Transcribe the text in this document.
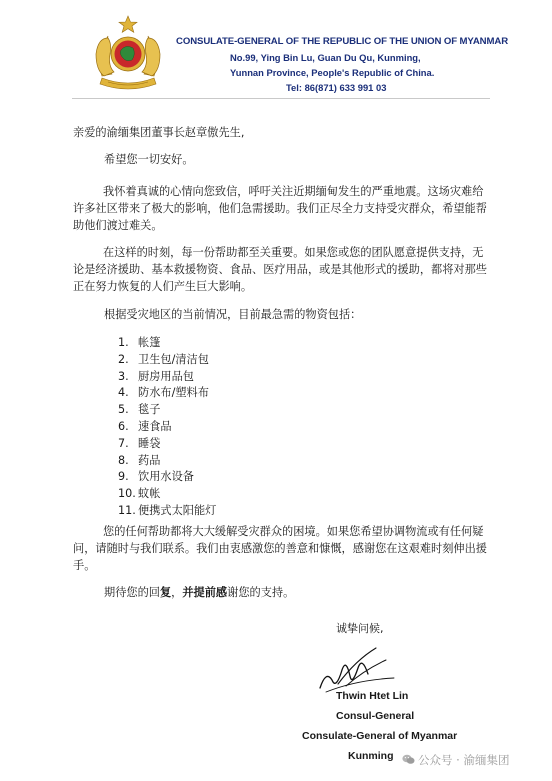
CONSULATE-GENERAL OF THE REPUBLIC OF THE UNION OF MYANMAR
No.99, Ying Bin Lu, Guan Du Qu, Kunming,
Yunnan Province, People's Republic of China.
Tel: 86(871) 633 991 03
亲爱的渝缅集团董事长赵章傲先生,
希望您一切安好。
我怀着真诚的心情向您致信，呼吁关注近期缅甸发生的严重地震。这场灾难给许多社区带来了极大的影响，他们急需援助。我们正尽全力支持受灾群众，希望能帮助他们渡过难关。
在这样的时刻，每一份帮助都至关重要。如果您或您的团队愿意提供支持，无论是经济援助、基本救援物资、食品、医疗用品，或是其他形式的援助，都将对那些正在努力恢复的人们产生巨大影响。
根据受灾地区的当前情况，目前最急需的物资包括：
1. 帐篷
2. 卫生包/清洁包
3. 厨房用品包
4. 防水布/塑料布
5. 毯子
6. 速食品
7. 睡袋
8. 药品
9. 饮用水设备
10. 蚊帐
11. 便携式太阳能灯
您的任何帮助都将大大缓解受灾群众的困境。如果您希望协调物流或有任何疑问，请随时与我们联系。我们由衷感激您的善意和慷慨，感谢您在这艰难时刻伸出援手。
期待您的回复，并提前感谢您的支持。
诚挚问候,
Thwin Htet Lin
Consul-General
Consulate-General of Myanmar
Kunming	公众号 · 渝缅集团
